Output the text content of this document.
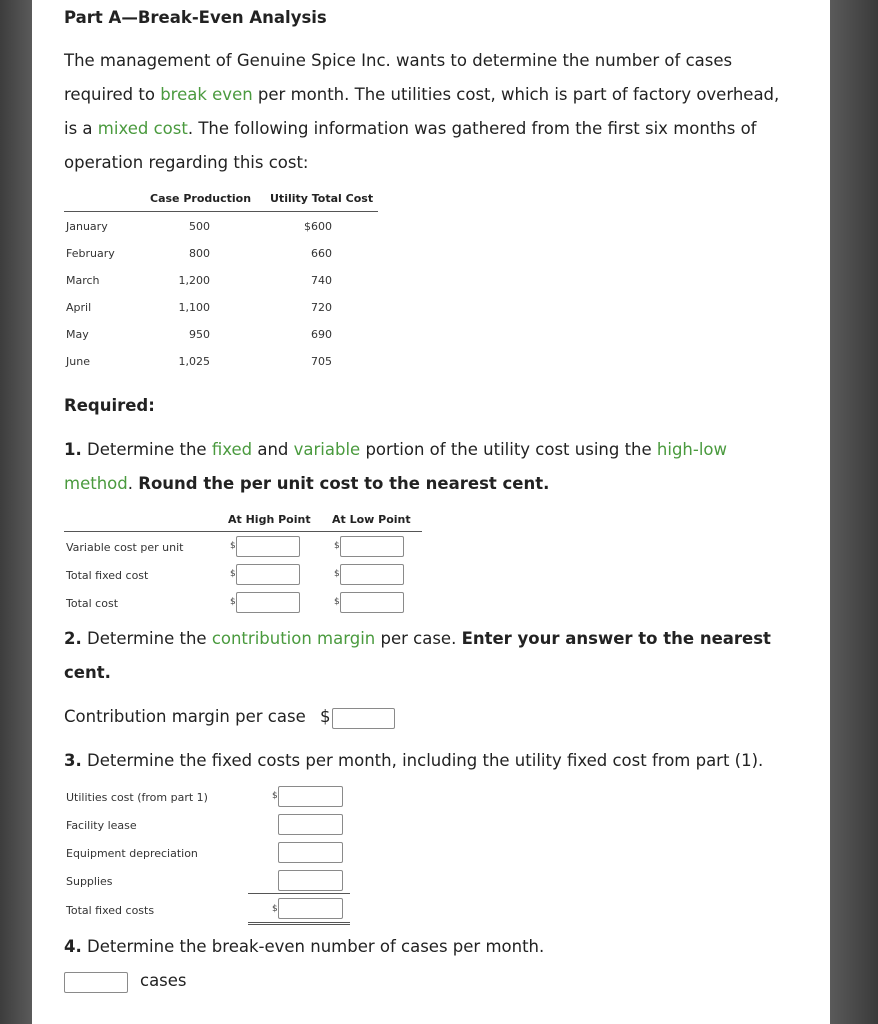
Part A—Break-Even Analysis
The management of Genuine Spice Inc. wants to determine the number of cases
required to break even per month. The utilities cost, which is part of factory overhead,
is a mixed cost. The following information was gathered from the first six months of
operation regarding this cost:
Case Production Utility Total Cost
January	500	$600
February	800	660
March	1,200	740
April	1,100	720
May	950	690
June	1,025	705
Required:
1. Determine the fixed and variable portion of the utility cost using the high-low
method. Round the per unit cost to the nearest cent.
At High Point At Low Point
Variable cost per unit	$	$
Total fixed cost	$	$
Total cost	$	$
2. Determine the contribution margin per case. Enter your answer to the nearest
cent.
Contribution margin per case $
3. Determine the fixed costs per month, including the utility fixed cost from part (1).
Utilities cost (from part 1)	$
Facility lease
Equipment depreciation
Supplies
Total fixed costs	$
4. Determine the break-even number of cases per month.
cases
